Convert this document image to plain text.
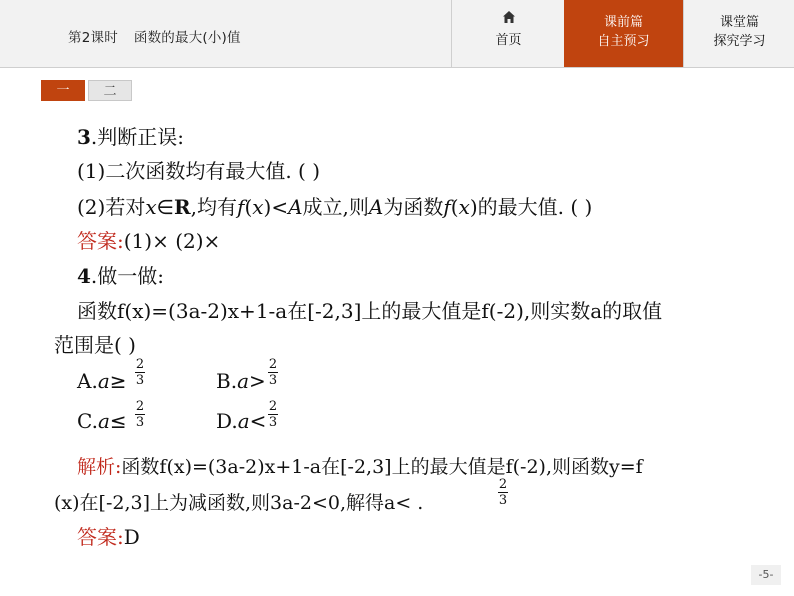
第2课时 函数的最大(小)值	首页
课前篇
自主预习
课堂篇
探究学习
一	二
3.判断正误:
(1)二次函数均有最大值. ( )
(2)若对x∈R,均有f(x)<A成立,则A为函数f(x)的最大值. ( )
答案:(1)× (2)×
4.做一做:
函数f(x)=(3a-2)x+1-a在[-2,3]上的最大值是f(-2),则实数a的取值
范围是( )
A.a≥
2
3	B.a>
2
3
C.a≤
2
3	D.a<
2
3
解析:函数f(x)=(3a-2)x+1-a在[-2,3]上的最大值是f(-2),则函数y=f
(x)在[-2,3]上为减函数,则3a-2<0,解得a< .
2
3
答案:D
-5-
